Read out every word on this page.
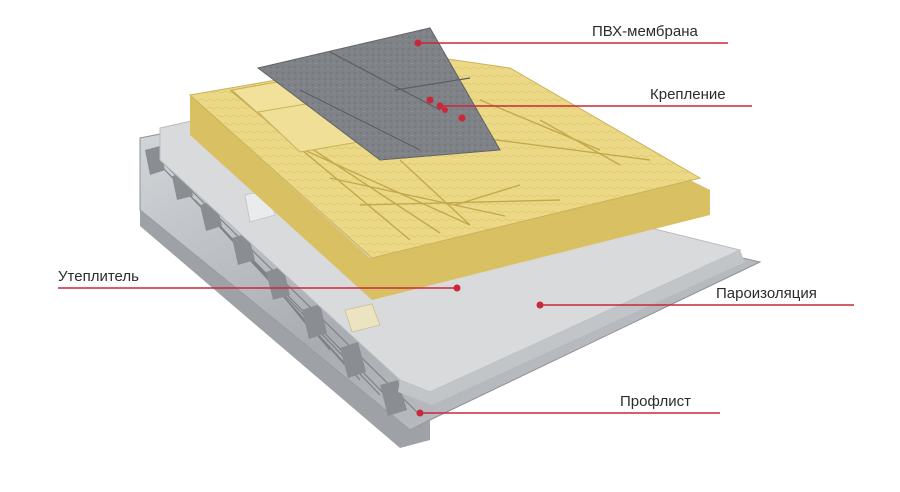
ПВХ-мембрана
Крепление
Утеплитель
Пароизоляция
Профлист
